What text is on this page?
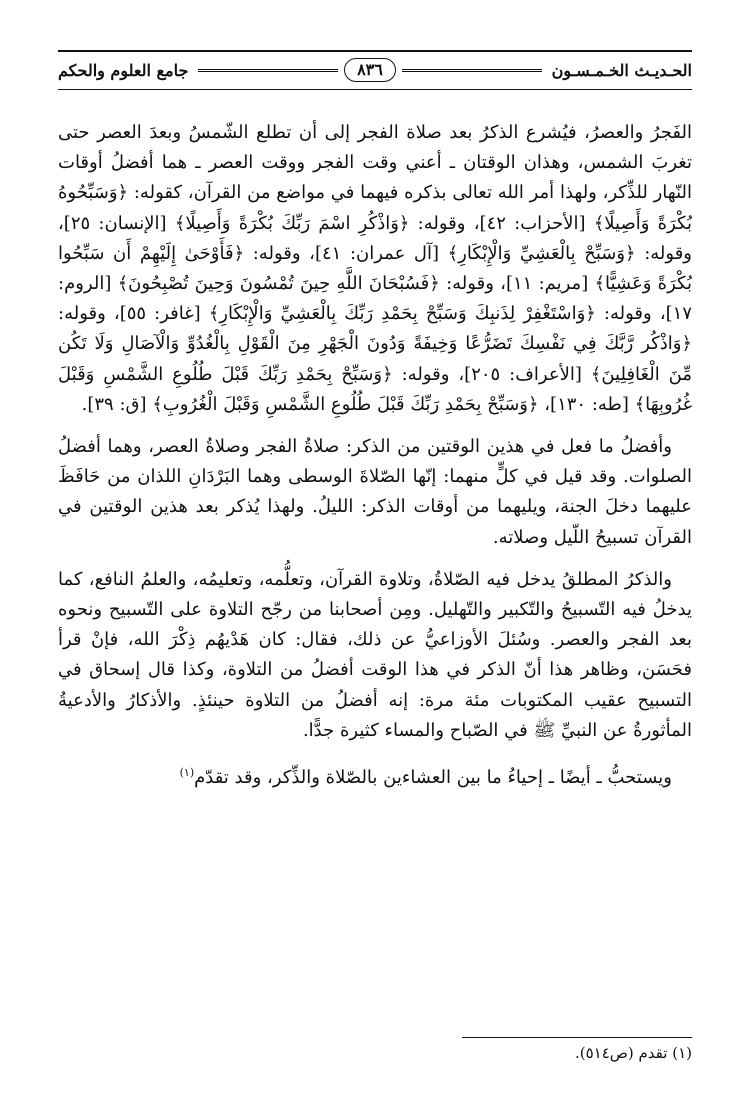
الحـديـث الخـمـسـون
٨٣٦
جامع العلوم والحكم

الفَجرُ والعصرُ، فيُشرع الذكرُ بعد صلاة الفجر إلى أن تطلع الشّمسُ وبعدَ العصر حتى تغربَ الشمس، وهذان الوقتان ـ أعني وقت الفجر ووقت العصر ـ هما أفضلُ أوقات النّهار للذِّكر، ولهذا أمر الله تعالى بذكره فيهما في مواضع من القرآن، كقوله: ﴿وَسَبِّحُوهُ بُكْرَةً وَأَصِيلًا﴾ [الأحزاب: ٤٢]، وقوله: ﴿وَاذْكُرِ اسْمَ رَبِّكَ بُكْرَةً وَأَصِيلًا﴾ [الإنسان: ٢٥]، وقوله: ﴿وَسَبِّحْ بِالْعَشِيِّ وَالْإِبْكَارِ﴾ [آل عمران: ٤١]، وقوله: ﴿فَأَوْحَىٰ إِلَيْهِمْ أَن سَبِّحُوا بُكْرَةً وَعَشِيًّا﴾ [مريم: ١١]، وقوله: ﴿فَسُبْحَانَ اللَّهِ حِينَ تُمْسُونَ وَحِينَ تُصْبِحُونَ﴾ [الروم: ١٧]، وقوله: ﴿وَاسْتَغْفِرْ لِذَنبِكَ وَسَبِّحْ بِحَمْدِ رَبِّكَ بِالْعَشِيِّ وَالْإِبْكَارِ﴾ [غافر: ٥٥]، وقوله: ﴿وَاذْكُر رَّبَّكَ فِي نَفْسِكَ تَضَرُّعًا وَخِيفَةً وَدُونَ الْجَهْرِ مِنَ الْقَوْلِ بِالْغُدُوِّ وَالْآصَالِ وَلَا تَكُن مِّنَ الْغَافِلِينَ﴾ [الأعراف: ٢٠٥]، وقوله: ﴿وَسَبِّحْ بِحَمْدِ رَبِّكَ قَبْلَ طُلُوعِ الشَّمْسِ وَقَبْلَ غُرُوبِهَا﴾ [طه: ١٣٠]، ﴿وَسَبِّحْ بِحَمْدِ رَبِّكَ قَبْلَ طُلُوعِ الشَّمْسِ وَقَبْلَ الْغُرُوبِ﴾ [ق: ٣٩].

وأفضلُ ما فعل في هذين الوقتين من الذكر: صلاةُ الفجر وصلاةُ العصر، وهما أفضلُ الصلوات. وقد قيل في كلٍّ منهما: إنّها الصّلاةَ الوسطى وهما البَرْدَانِ اللذان من حَافَظَ عليهما دخلَ الجنة، ويليهما من أوقات الذكر: الليلُ. ولهذا يُذكر بعد هذين الوقتين في القرآن تسبيحُ اللّيل وصلاته.

والذكرُ المطلقُ يدخل فيه الصّلاةُ، وتلاوة القرآن، وتعلُّمه، وتعليمُه، والعلمُ النافع، كما يدخلُ فيه التّسبيحُ والتّكبير والتّهليل. ومِن أصحابنا من رجّح التلاوة على التّسبيح ونحوه بعد الفجر والعصر. وسُئلَ الأوزاعيُّ عن ذلك، فقال: كان هَدْيهُم ذِكْرَ الله، فإنْ قرأ فحَسَن، وظاهر هذا أنّ الذكر في هذا الوقت أفضلُ من التلاوة، وكذا قال إسحاق في التسبيح عقيب المكتوبات مئة مرة: إنه أفضلُ من التلاوة حينئذٍ. والأذكارُ والأدعيةُ المأثورةُ عن النبيِّ ﷺ في الصّباح والمساء كثيرة جدًّا.

ويستحبُّ ـ أيضًا ـ إحياءُ ما بين العشاءين بالصّلاة والذِّكر، وقد تقدّم$^{(١)}$

(١) تقدم (ص٥١٤).
